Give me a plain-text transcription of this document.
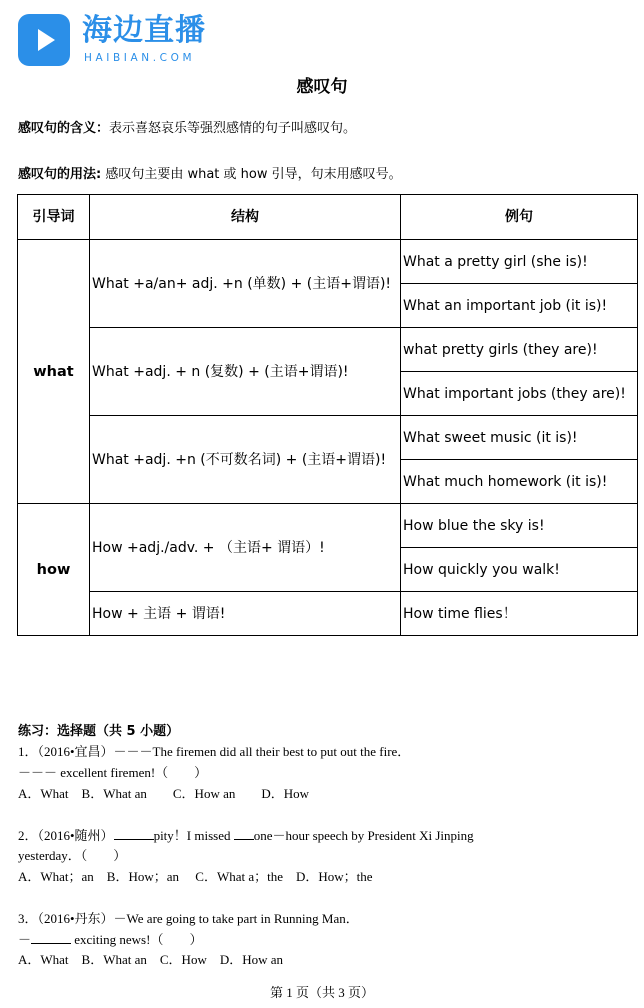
海边直播
HAIBIAN.COM
感叹句
感叹句的含义：表示喜怒哀乐等强烈感情的句子叫感叹句。
感叹句的用法: 感叹句主要由 what 或 how 引导，句末用感叹号。
引导词	结构	例句
what	What +a/an+ adj. +n (单数) + (主语+谓语)!	What a pretty girl (she is)!
		What an important job (it is)!
	What +adj. + n (复数) + (主语+谓语)!	what pretty girls (they are)!
		What important jobs (they are)!
	What +adj. +n (不可数名词) + (主语+谓语)!	What sweet music (it is)!
		What much homework (it is)!
how	How +adj./adv. + （主语+ 谓语）!	How blue the sky is!
		How quickly you walk!
	How + 主语 + 谓语!	How time flies！
练习：选择题（共 5 小题）
1．（2016•宜昌）－－－The firemen did all their best to put out the fire．
－－－ excellent firemen!（　　）
A．What　B．What an　　C．How an　　D．How
2．（2016•随州）	pity！I missed one－hour speech by President Xi Jinping
yesterday．（　　）
A．What；an　B．How；an　 C．What a；the　D．How；the
3．（2016•丹东）－We are going to take part in Running Man．
－	exciting news!（　　）
A．What　B．What an　C．How　D．How an
第 1 页（共 3 页）
